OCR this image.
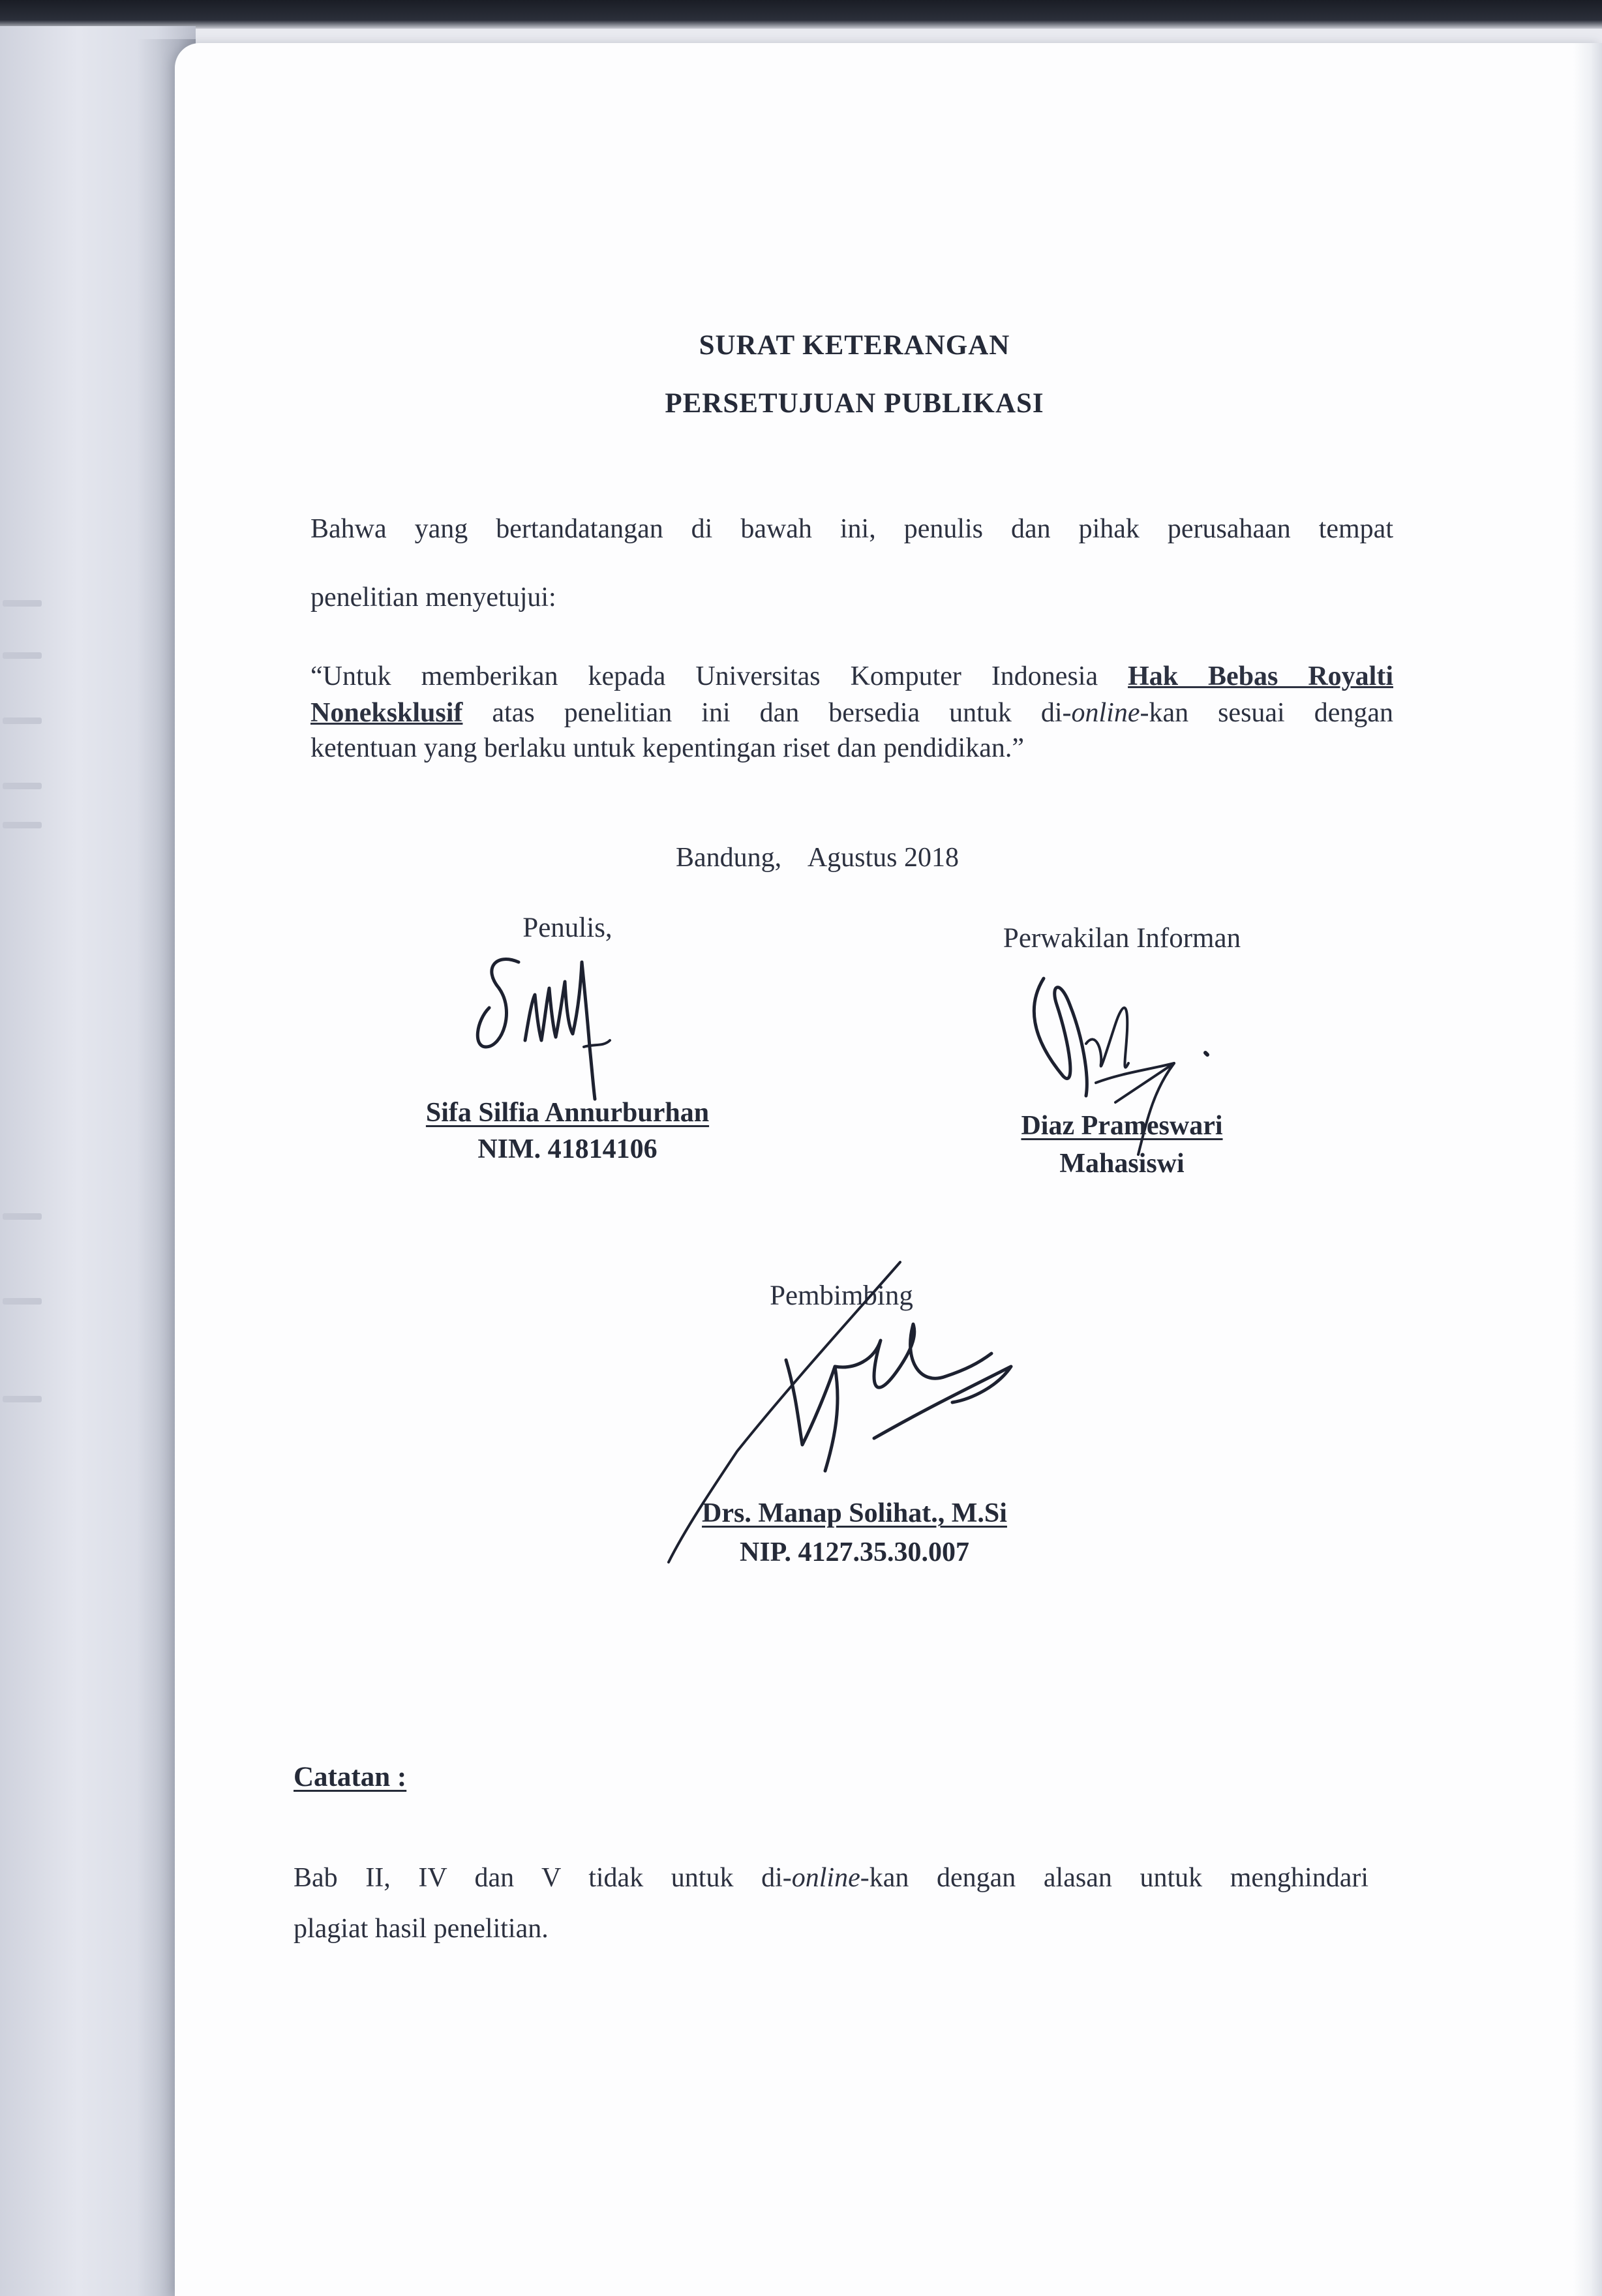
SURAT KETERANGAN
PERSETUJUAN PUBLIKASI
Bahwa yang bertandatangan di bawah ini, penulis dan pihak perusahaan tempat
penelitian menyetujui:
“Untuk memberikan kepada Universitas Komputer Indonesia Hak Bebas Royalti
Noneksklusif atas penelitian ini dan bersedia untuk di-online-kan sesuai dengan
ketentuan yang berlaku untuk kepentingan riset dan pendidikan.”
Bandung,    Agustus 2018
Penulis,
Sifa Silfia Annurburhan
NIM. 41814106
Perwakilan Informan
Diaz Prameswari
Mahasiswi
Pembimbing
Drs. Manap Solihat., M.Si
NIP. 4127.35.30.007
Catatan :
Bab II, IV dan V tidak untuk di-online-kan dengan alasan untuk menghindari
plagiat hasil penelitian.
